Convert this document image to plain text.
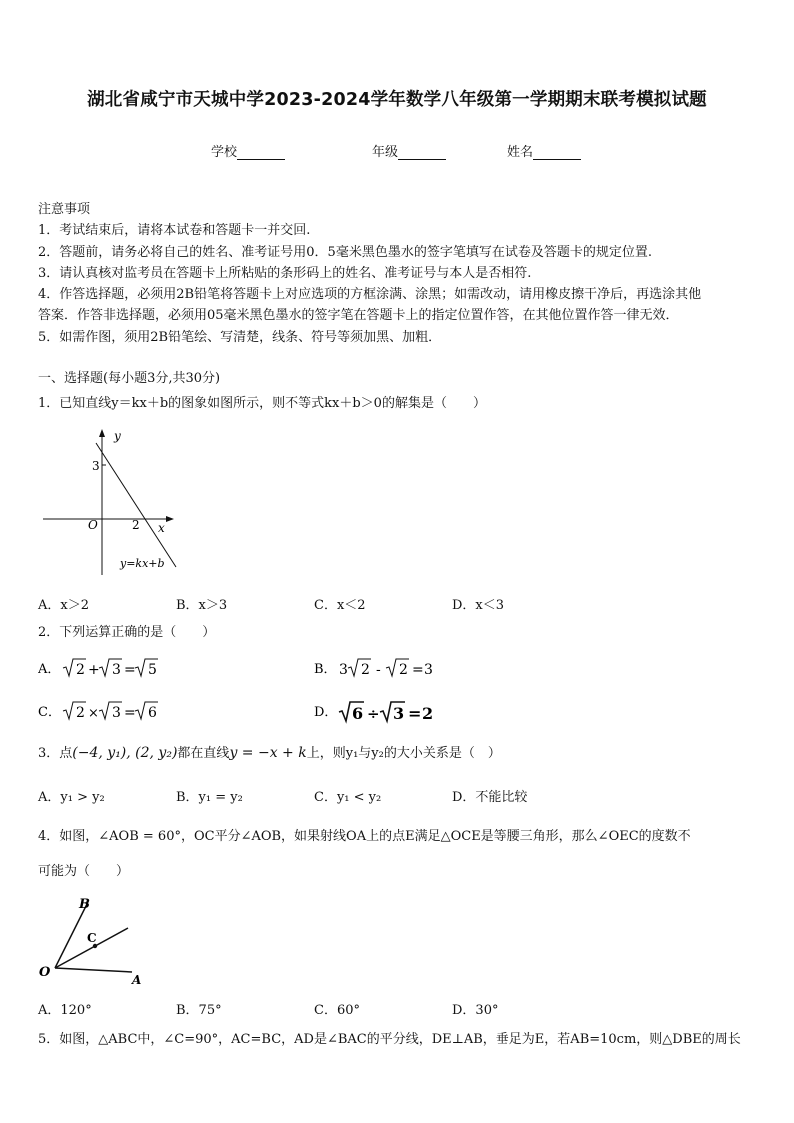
湖北省咸宁市天城中学2023-2024学年数学八年级第一学期期末联考模拟试题
学校	年级	姓名
注意事项
1．考试结束后，请将本试卷和答题卡一并交回.
2．答题前，请务必将自己的姓名、准考证号用0．5毫米黑色墨水的签字笔填写在试卷及答题卡的规定位置.
3．请认真核对监考员在答题卡上所粘贴的条形码上的姓名、准考证号与本人是否相符.
4．作答选择题，必须用2B铅笔将答题卡上对应选项的方框涂满、涂黑；如需改动，请用橡皮擦干净后，再选涂其他
答案．作答非选择题，必须用05毫米黑色墨水的签字笔在答题卡上的指定位置作答，在其他位置作答一律无效．
5．如需作图，须用2B铅笔绘、写清楚，线条、符号等须加黑、加粗．
一、选择题(每小题3分,共30分)
1．已知直线y＝kx＋b的图象如图所示，则不等式kx＋b＞0的解集是（　　）
y
x
O
3
2
y=kx+b
A．x＞2	B．x＞3	C．x＜2	D．x＜3
2．下列运算正确的是（　　）
A． 2 + 3 = 5	B． 3 2 - 2 = 3
C． 2 × 3 = 6	D． 6 ÷ 3 = 2
3．点(−4, y₁), (2, y₂)都在直线y = −x + k上，则y₁与y₂的大小关系是（　）
A．y₁ > y₂	B．y₁ = y₂	C．y₁ < y₂	D．不能比较
4．如图，∠AOB = 60°，OC平分∠AOB，如果射线OA上的点E满足△OCE是等腰三角形，那么∠OEC的度数不
可能为（　　）
B
C
O	A
A．120°	B．75°	C．60°	D．30°
5．如图，△ABC中，∠C=90°，AC=BC，AD是∠BAC的平分线，DE⊥AB，垂足为E，若AB=10cm，则△DBE的周长
